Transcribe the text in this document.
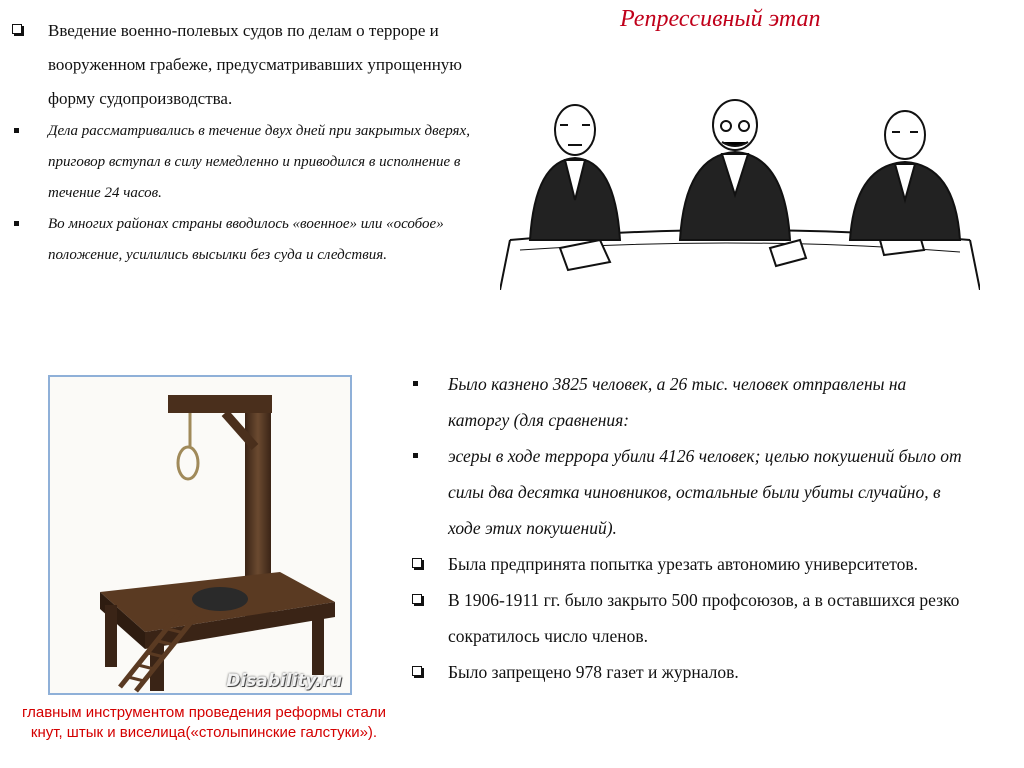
Репрессивный этап
Введение военно-полевых судов по делам о терроре и вооруженном грабеже, предусматривавших упрощенную форму судопроизводства.
Дела рассматривались в течение двух дней при закрытых дверях, приговор вступал в силу немедленно и приводился в исполнение в течение 24 часов.
Во многих районах страны вводилось «военное» или «особое» положение, усилились высылки без суда и следствия.
Disability.ru
главным инструментом проведения реформы стали кнут, штык и виселица(«столыпинские галстуки»).
Было казнено 3825 человек, а 26 тыс. человек отправлены на каторгу (для сравнения:
эсеры в ходе террора убили 4126 человек; целью покушений было от силы два десятка чиновников, остальные были убиты случайно, в ходе этих покушений).
Была предпринята попытка урезать автономию университетов.
В 1906-1911 гг. было закрыто 500 профсоюзов, а в оставшихся резко сократилось число членов.
Было запрещено 978 газет и журналов.
